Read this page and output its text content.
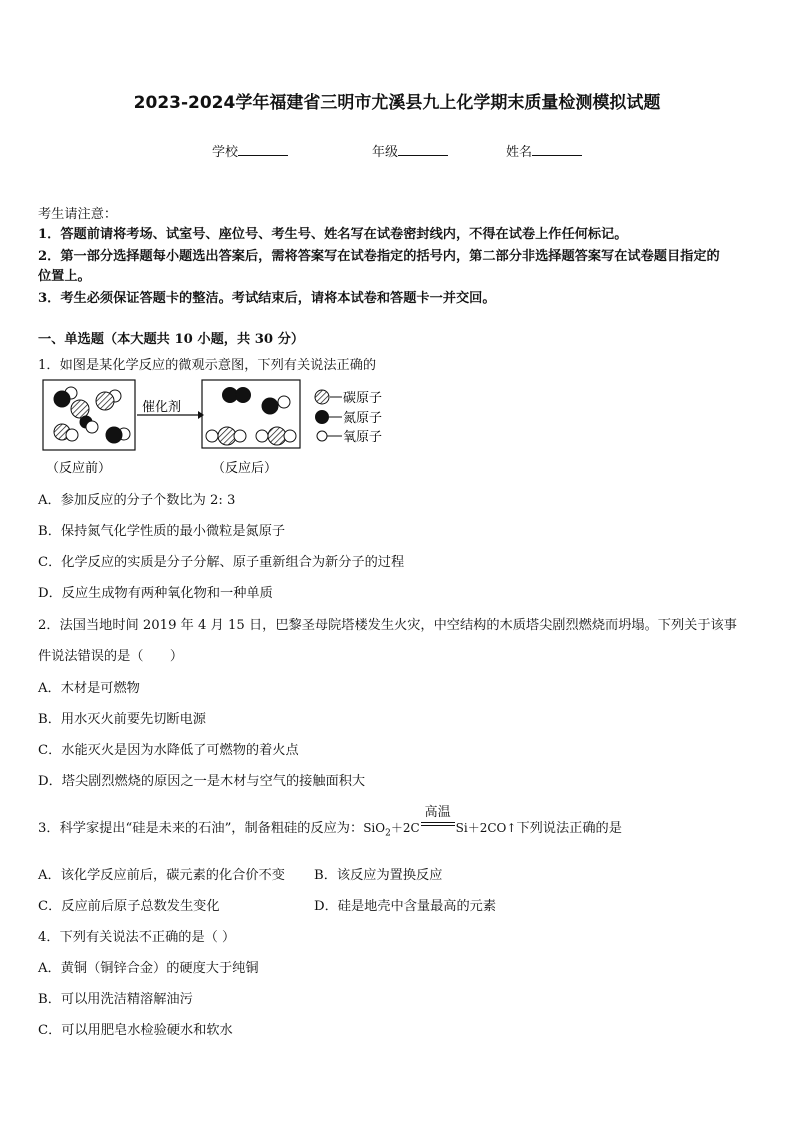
2023-2024学年福建省三明市尤溪县九上化学期末质量检测模拟试题
学校	年级	姓名
考生请注意：
1．答题前请将考场、试室号、座位号、考生号、姓名写在试卷密封线内，不得在试卷上作任何标记。
2．第一部分选择题每小题选出答案后，需将答案写在试卷指定的括号内，第二部分非选择题答案写在试卷题目指定的
位置上。
3．考生必须保证答题卡的整洁。考试结束后，请将本试卷和答题卡一并交回。
一、单选题（本大题共 10 小题，共 30 分）
1．如图是某化学反应的微观示意图，下列有关说法正确的
催化剂
碳原子
氮原子
氧原子
（反应前）	（反应后）
A．参加反应的分子个数比为 2: 3
B．保持氮气化学性质的最小微粒是氮原子
C．化学反应的实质是分子分解、原子重新组合为新分子的过程
D．反应生成物有两种氧化物和一种单质
2．法国当地时间 2019 年 4 月 15 日，巴黎圣母院塔楼发生火灾，中空结构的木质塔尖剧烈燃烧而坍塌。下列关于该事
件说法错误的是（　　）
A．木材是可燃物
B．用水灭火前要先切断电源
C．水能灭火是因为水降低了可燃物的着火点
D．塔尖剧烈燃烧的原因之一是木材与空气的接触面积大
3．科学家提出“硅是未来的石油”，制备粗硅的反应为：SiO$_2$＋2C
高温
Si＋2CO↑下列说法正确的是
A．该化学反应前后，碳元素的化合价不变 B．该反应为置换反应
C．反应前后原子总数发生变化	D．硅是地壳中含量最高的元素
4．下列有关说法不正确的是（ ）
A．黄铜（铜锌合金）的硬度大于纯铜
B．可以用洗洁精溶解油污
C．可以用肥皂水检验硬水和软水
